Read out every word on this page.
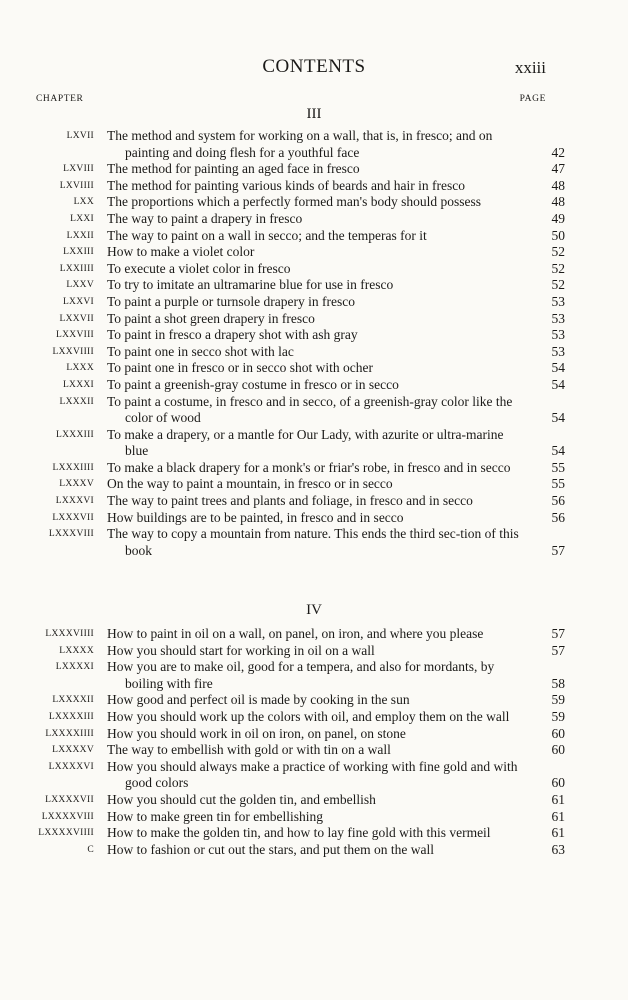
CONTENTS	xxiii
CHAPTER	PAGE
III
LXVII The method and system for working on a wall, that is, in fresco; and on painting and doing flesh for a youthful face	42
LXVIII The method for painting an aged face in fresco	47
LXVIIII The method for painting various kinds of beards and hair in fresco	48
LXX The proportions which a perfectly formed man's body should possess	48
LXXI The way to paint a drapery in fresco	49
LXXII The way to paint on a wall in secco; and the temperas for it	50
LXXIII How to make a violet color	52
LXXIIII To execute a violet color in fresco	52
LXXV To try to imitate an ultramarine blue for use in fresco	52
LXXVI To paint a purple or turnsole drapery in fresco	53
LXXVII To paint a shot green drapery in fresco	53
LXXVIII To paint in fresco a drapery shot with ash gray	53
LXXVIIII To paint one in secco shot with lac	53
LXXX To paint one in fresco or in secco shot with ocher	54
LXXXI To paint a greenish-gray costume in fresco or in secco	54
LXXXII To paint a costume, in fresco and in secco, of a greenish-gray color like the color of wood	54
LXXXIII To make a drapery, or a mantle for Our Lady, with azurite or ultra-marine blue	54
LXXXIIII To make a black drapery for a monk's or friar's robe, in fresco and in secco	55
LXXXV On the way to paint a mountain, in fresco or in secco	55
LXXXVI The way to paint trees and plants and foliage, in fresco and in secco	56
LXXXVII How buildings are to be painted, in fresco and in secco	56
LXXXVIII The way to copy a mountain from nature. This ends the third sec-tion of this book	57
IV
LXXXVIIII How to paint in oil on a wall, on panel, on iron, and where you please	57
LXXXX How you should start for working in oil on a wall	57
LXXXXI How you are to make oil, good for a tempera, and also for mordants, by boiling with fire	58
LXXXXII How good and perfect oil is made by cooking in the sun	59
LXXXXIII How you should work up the colors with oil, and employ them on the wall	59
LXXXXIIII How you should work in oil on iron, on panel, on stone	60
LXXXXV The way to embellish with gold or with tin on a wall	60
LXXXXVI How you should always make a practice of working with fine gold and with good colors	60
LXXXXVII How you should cut the golden tin, and embellish	61
LXXXXVIII How to make green tin for embellishing	61
LXXXXVIIII How to make the golden tin, and how to lay fine gold with this vermeil	61
C How to fashion or cut out the stars, and put them on the wall	63
